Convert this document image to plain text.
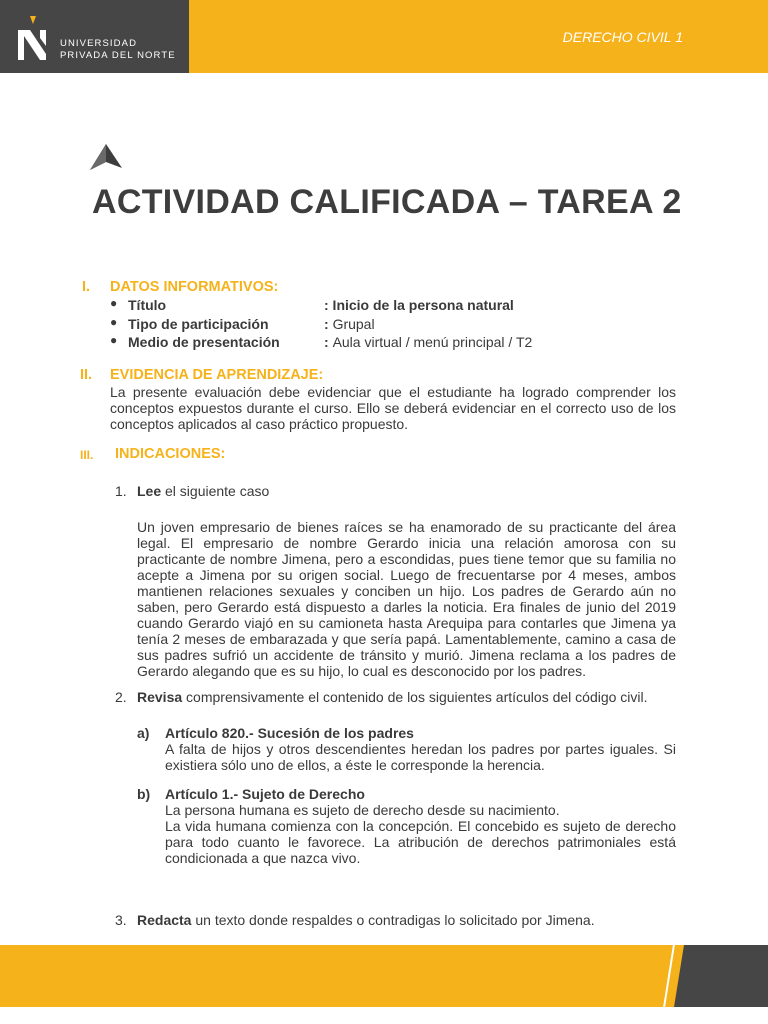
UNIVERSIDAD
PRIVADA DEL NORTE
DERECHO CIVIL 1
ACTIVIDAD CALIFICADA – TAREA 2
I. DATOS INFORMATIVOS:
● Título	: Inicio de la persona natural
● Tipo de participación	: Grupal
● Medio de presentación	: Aula virtual / menú principal / T2
II. EVIDENCIA DE APRENDIZAJE:

La presente evaluación debe evidenciar que el estudiante ha logrado comprender los conceptos expuestos durante el curso. Ello se deberá evidenciar en el correcto uso de los conceptos aplicados al caso práctico propuesto.

III. INDICACIONES:
1. Lee el siguiente caso

Un joven empresario de bienes raíces se ha enamorado de su practicante del área legal. El empresario de nombre Gerardo inicia una relación amorosa con su practicante de nombre Jimena, pero a escondidas, pues tiene temor que su familia no acepte a Jimena por su origen social. Luego de frecuentarse por 4 meses, ambos mantienen relaciones sexuales y conciben un hijo. Los padres de Gerardo aún no saben, pero Gerardo está dispuesto a darles la noticia. Era finales de junio del 2019 cuando Gerardo viajó en su camioneta hasta Arequipa para contarles que Jimena ya tenía 2 meses de embarazada y que sería papá. Lamentablemente, camino a casa de sus padres sufrió un accidente de tránsito y murió. Jimena reclama a los padres de Gerardo alegando que es su hijo, lo cual es desconocido por los padres.

2. Revisa comprensivamente el contenido de los siguientes artículos del código civil.
a) Artículo 820.- Sucesión de los padres

A falta de hijos y otros descendientes heredan los padres por partes iguales. Si existiera sólo uno de ellos, a éste le corresponde la herencia.

b) Artículo 1.- Sujeto de Derecho

La persona humana es sujeto de derecho desde su nacimiento.

La vida humana comienza con la concepción. El concebido es sujeto de derecho para todo cuanto le favorece. La atribución de derechos patrimoniales está condicionada a que nazca vivo.

3. Redacta un texto donde respaldes o contradigas lo solicitado por Jimena.
